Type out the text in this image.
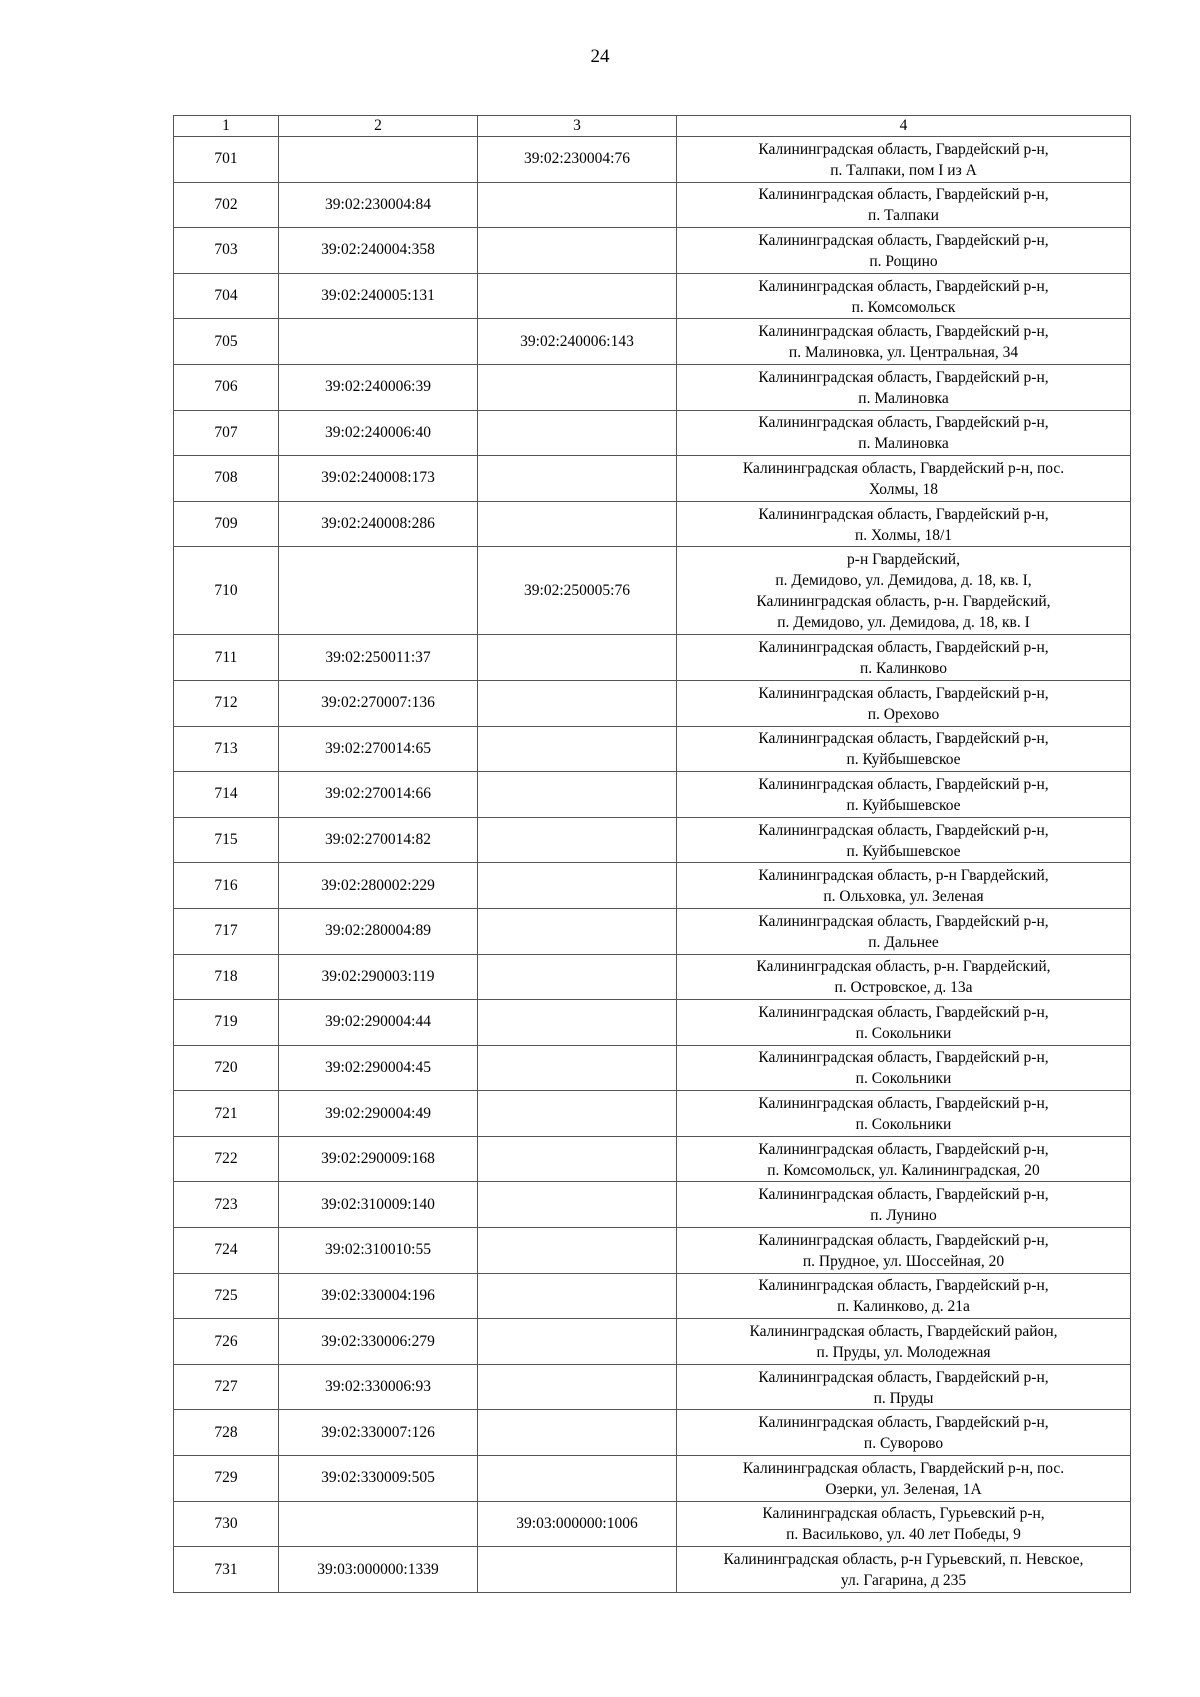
24
1	2	3	4
701		39:02:230004:76	Калининградская область, Гвардейский р-н,
п. Талпаки, пом I из А

702	39:02:230004:84		Калининградская область, Гвардейский р-н,
п. Талпаки

703	39:02:240004:358		Калининградская область, Гвардейский р-н,
п. Рощино

704	39:02:240005:131		Калининградская область, Гвардейский р-н,
п. Комсомольск

705		39:02:240006:143	Калининградская область, Гвардейский р-н,
п. Малиновка, ул. Центральная, 34

706	39:02:240006:39		Калининградская область, Гвардейский р-н,
п. Малиновка

707	39:02:240006:40		Калининградская область, Гвардейский р-н,
п. Малиновка

708	39:02:240008:173		Калининградская область, Гвардейский р-н, пос.
Холмы, 18

709	39:02:240008:286		Калининградская область, Гвардейский р-н,
п. Холмы, 18/1

710		39:02:250005:76	р-н Гвардейский,
п. Демидово, ул. Демидова, д. 18, кв. I,
Калининградская область, р-н. Гвардейский,
п. Демидово, ул. Демидова, д. 18, кв. I

711	39:02:250011:37		Калининградская область, Гвардейский р-н,
п. Калинково

712	39:02:270007:136		Калининградская область, Гвардейский р-н,
п. Орехово

713	39:02:270014:65		Калининградская область, Гвардейский р-н,
п. Куйбышевское

714	39:02:270014:66		Калининградская область, Гвардейский р-н,
п. Куйбышевское

715	39:02:270014:82		Калининградская область, Гвардейский р-н,
п. Куйбышевское

716	39:02:280002:229		Калининградская область, р-н Гвардейский,
п. Ольховка, ул. Зеленая

717	39:02:280004:89		Калининградская область, Гвардейский р-н,
п. Дальнее

718	39:02:290003:119		Калининградская область, р-н. Гвардейский,
п. Островское, д. 13а

719	39:02:290004:44		Калининградская область, Гвардейский р-н,
п. Сокольники

720	39:02:290004:45		Калининградская область, Гвардейский р-н,
п. Сокольники

721	39:02:290004:49		Калининградская область, Гвардейский р-н,
п. Сокольники

722	39:02:290009:168		Калининградская область, Гвардейский р-н,
п. Комсомольск, ул. Калининградская, 20

723	39:02:310009:140		Калининградская область, Гвардейский р-н,
п. Лунино

724	39:02:310010:55		Калининградская область, Гвардейский р-н,
п. Прудное, ул. Шоссейная, 20

725	39:02:330004:196		Калининградская область, Гвардейский р-н,
п. Калинково, д. 21а

726	39:02:330006:279		Калининградская область, Гвардейский район,
п. Пруды, ул. Молодежная

727	39:02:330006:93		Калининградская область, Гвардейский р-н,
п. Пруды

728	39:02:330007:126		Калининградская область, Гвардейский р-н,
п. Суворово

729	39:02:330009:505		Калининградская область, Гвардейский р-н, пос.
Озерки, ул. Зеленая, 1А

730		39:03:000000:1006	Калининградская область, Гурьевский р-н,
п. Васильково, ул. 40 лет Победы, 9

731	39:03:000000:1339		Калининградская область, р-н Гурьевский, п. Невское,
ул. Гагарина, д 235
